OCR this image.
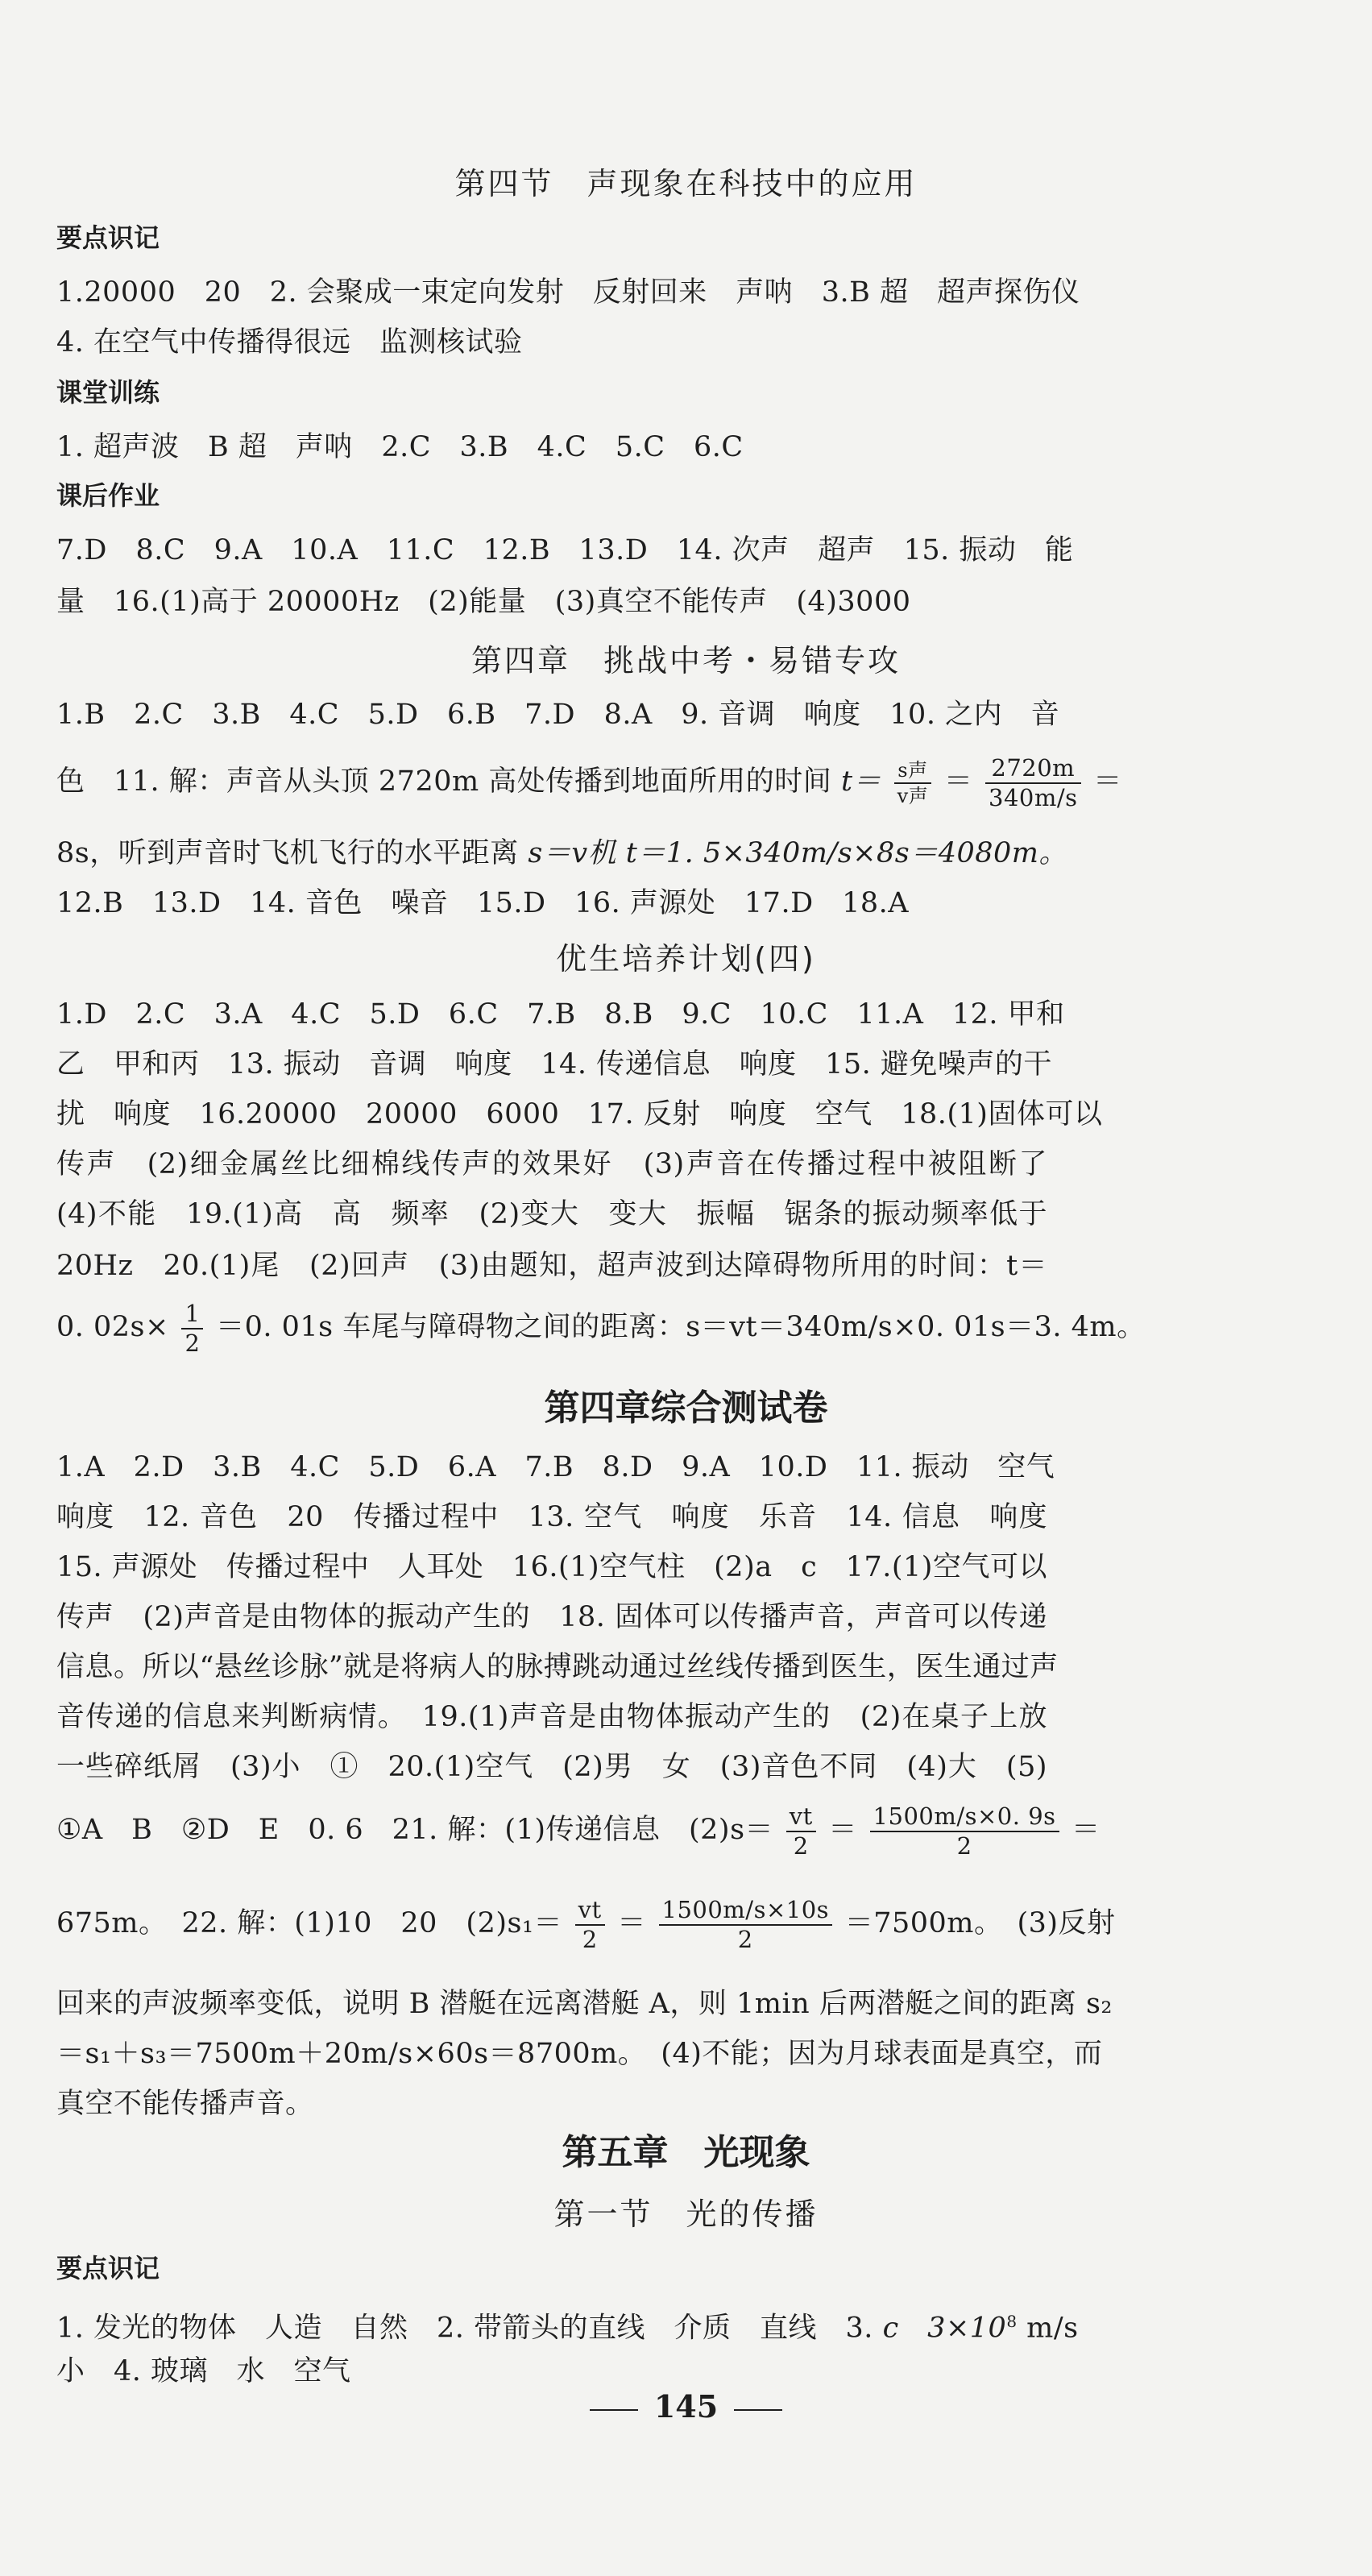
第四节　声现象在科技中的应用
要点识记
1.20000　20　2. 会聚成一束定向发射　反射回来　声呐　3.B 超　超声探伤仪
4. 在空气中传播得很远　监测核试验
课堂训练
1. 超声波　B 超　声呐　2.C　3.B　4.C　5.C　6.C
课后作业
7.D　8.C　9.A　10.A　11.C　12.B　13.D　14. 次声　超声　15. 振动　能
量　16.(1)高于 20000Hz　(2)能量　(3)真空不能传声　(4)3000
第四章　挑战中考・易错专攻
1.B　2.C　3.B　4.C　5.D　6.B　7.D　8.A　9. 音调　响度　10. 之内　音
色　11. 解：声音从头顶 2720m 高处传播到地面所用的时间 $t= \frac{\text{s声}}{\text{v声}} = \frac{2720m}{340m/s}$ ＝
8s，听到声音时飞机飞行的水平距离 s＝v机 t＝1. 5×340m/s×8s＝4080m。
12.B　13.D　14. 音色　噪音　15.D　16. 声源处　17.D　18.A
优生培养计划(四)
1.D　2.C　3.A　4.C　5.D　6.C　7.B　8.B　9.C　10.C　11.A　12. 甲和
乙　甲和丙　13. 振动　音调　响度　14. 传递信息　响度　15. 避免噪声的干
扰　响度　16.20000　20000　6000　17. 反射　响度　空气　18.(1)固体可以
传声　(2)细金属丝比细棉线传声的效果好　(3)声音在传播过程中被阻断了
(4)不能　19.(1)高　高　频率　(2)变大　变大　振幅　锯条的振动频率低于
20Hz　20.(1)尾　(2)回声　(3)由题知，超声波到达障碍物所用的时间：t＝
0. $02s\times \frac{1}{2} =0$. 01s 车尾与障碍物之间的距离：s＝vt＝340m/s×0. 01s＝3. 4m。
第四章综合测试卷
1.A　2.D　3.B　4.C　5.D　6.A　7.B　8.D　9.A　10.D　11. 振动　空气
响度　12. 音色　20　传播过程中　13. 空气　响度　乐音　14. 信息　响度
15. 声源处　传播过程中　人耳处　16.(1)空气柱　(2)a　c　17.(1)空气可以
传声　(2)声音是由物体的振动产生的　18. 固体可以传播声音，声音可以传递
信息。所以“悬丝诊脉”就是将病人的脉搏跳动通过丝线传播到医生，医生通过声
音传递的信息来判断病情。　19.(1)声音是由物体振动产生的　(2)在桌子上放
一些碎纸屑　(3)小　①　20.(1)空气　(2)男　女　(3)音色不同　(4)大　(5)
①A　B　②D　E　0. 6　21. 解：(1)传递信息　$(2)s= \frac{vt}{2} = \frac{1500m/s\times 0. 9s}{2}$ ＝
675m。　22. 解：(1)10　20　$(2)s_1= \frac{vt}{2} = \frac{1500m/s\times 10s}{2} =7500m$。　(3)反射
回来的声波频率变低，说明 B 潜艇在远离潜艇 A，则 1min 后两潜艇之间的距离 s₂
＝s₁＋s₃＝7500m＋20m/s×60s＝8700m。　(4)不能；因为月球表面是真空，而
真空不能传播声音。
第五章　光现象
第一节　光的传播
要点识记
1. 发光的物体　人造　自然　2. 带箭头的直线　介质　直线　3. c　$3\times 10^8$ m/s
小　4. 玻璃　水　空气
145
